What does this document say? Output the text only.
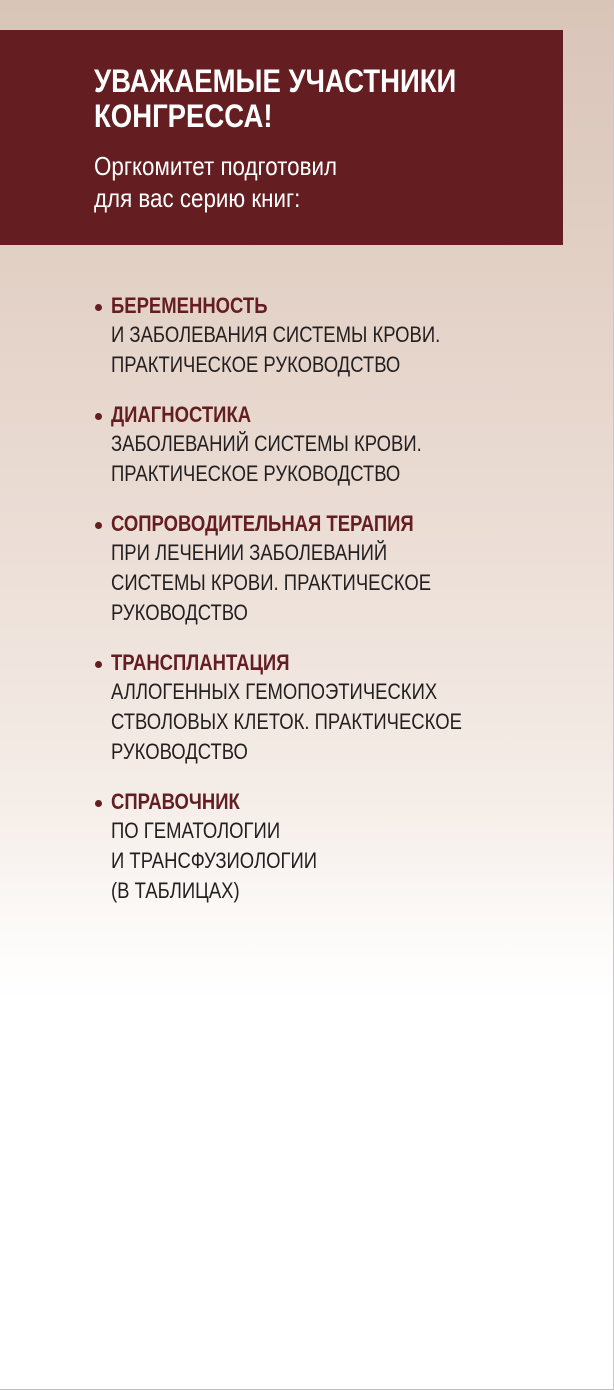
УВАЖАЕМЫЕ УЧАСТНИКИ
КОНГРЕССА!

Оргкомитет подготовил
для вас серию книг:

БЕРЕМЕННОСТЬ
И ЗАБОЛЕВАНИЯ СИСТЕМЫ КРОВИ.
ПРАКТИЧЕСКОЕ РУКОВОДСТВО
ДИАГНОСТИКА
ЗАБОЛЕВАНИЙ СИСТЕМЫ КРОВИ.
ПРАКТИЧЕСКОЕ РУКОВОДСТВО
СОПРОВОДИТЕЛЬНАЯ ТЕРАПИЯ
ПРИ ЛЕЧЕНИИ ЗАБОЛЕВАНИЙ
СИСТЕМЫ КРОВИ. ПРАКТИЧЕСКОЕ
РУКОВОДСТВО
ТРАНСПЛАНТАЦИЯ
АЛЛОГЕННЫХ ГЕМОПОЭТИЧЕСКИХ
СТВОЛОВЫХ КЛЕТОК. ПРАКТИЧЕСКОЕ
РУКОВОДСТВО
СПРАВОЧНИК
ПО ГЕМАТОЛОГИИ
И ТРАНСФУЗИОЛОГИИ
(В ТАБЛИЦАХ)
